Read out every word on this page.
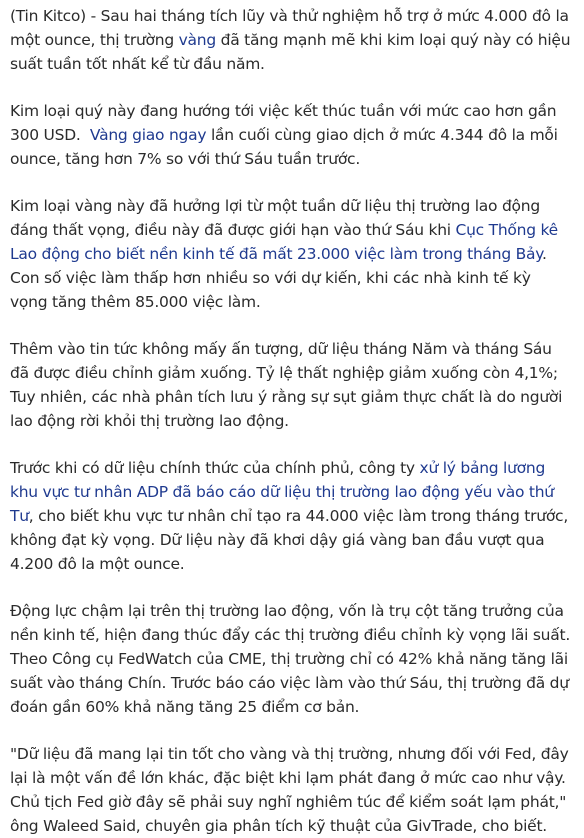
(Tin Kitco) - Sau hai tháng tích lũy và thử nghiệm hỗ trợ ở mức 4.000 đô la một ounce, thị trường vàng đã tăng mạnh mẽ khi kim loại quý này có hiệu suất tuần tốt nhất kể từ đầu năm.

Kim loại quý này đang hướng tới việc kết thúc tuần với mức cao hơn gần 300 USD.  Vàng giao ngay lần cuối cùng giao dịch ở mức 4.344 đô la mỗi ounce, tăng hơn 7% so với thứ Sáu tuần trước.

Kim loại vàng này đã hưởng lợi từ một tuần dữ liệu thị trường lao động đáng thất vọng, điều này đã được giới hạn vào thứ Sáu khi Cục Thống kê Lao động cho biết nền kinh tế đã mất 23.000 việc làm trong tháng Bảy. Con số việc làm thấp hơn nhiều so với dự kiến, khi các nhà kinh tế kỳ vọng tăng thêm 85.000 việc làm.

Thêm vào tin tức không mấy ấn tượng, dữ liệu tháng Năm và tháng Sáu đã được điều chỉnh giảm xuống. Tỷ lệ thất nghiệp giảm xuống còn 4,1%; Tuy nhiên, các nhà phân tích lưu ý rằng sự sụt giảm thực chất là do người lao động rời khỏi thị trường lao động.

Trước khi có dữ liệu chính thức của chính phủ, công ty xử lý bảng lương khu vực tư nhân ADP đã báo cáo dữ liệu thị trường lao động yếu vào thứ Tư, cho biết khu vực tư nhân chỉ tạo ra 44.000 việc làm trong tháng trước, không đạt kỳ vọng. Dữ liệu này đã khơi dậy giá vàng ban đầu vượt qua 4.200 đô la một ounce.

Động lực chậm lại trên thị trường lao động, vốn là trụ cột tăng trưởng của nền kinh tế, hiện đang thúc đẩy các thị trường điều chỉnh kỳ vọng lãi suất. Theo Công cụ FedWatch của CME, thị trường chỉ có 42% khả năng tăng lãi suất vào tháng Chín. Trước báo cáo việc làm vào thứ Sáu, thị trường đã dự đoán gần 60% khả năng tăng 25 điểm cơ bản.

"Dữ liệu đã mang lại tin tốt cho vàng và thị trường, nhưng đối với Fed, đây lại là một vấn đề lớn khác, đặc biệt khi lạm phát đang ở mức cao như vậy. Chủ tịch Fed giờ đây sẽ phải suy nghĩ nghiêm túc để kiểm soát lạm phát," ông Waleed Said, chuyên gia phân tích kỹ thuật của GivTrade, cho biết.
